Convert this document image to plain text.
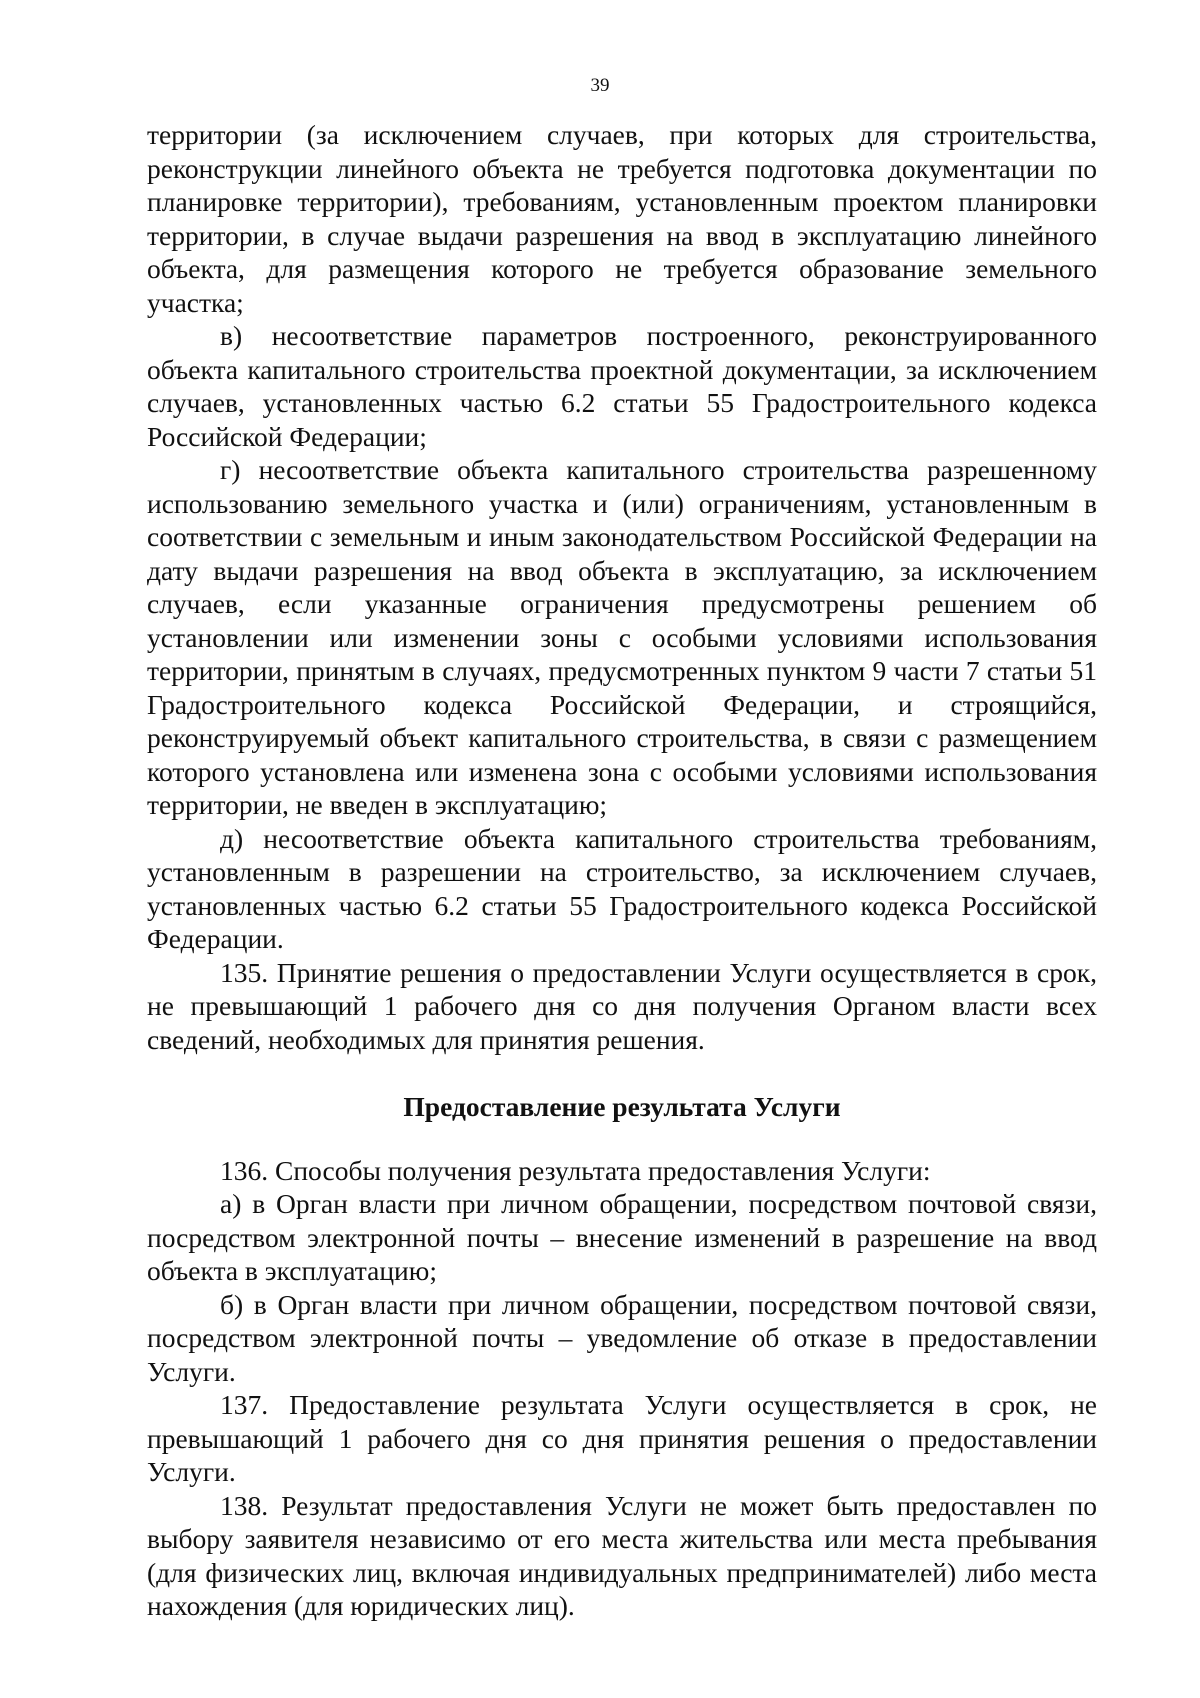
39

территории (за исключением случаев, при которых для строительства, реконструкции линейного объекта не требуется подготовка документации по планировке территории), требованиям, установленным проектом планировки территории, в случае выдачи разрешения на ввод в эксплуатацию линейного объекта, для размещения которого не требуется образование земельного участка;

в) несоответствие параметров построенного, реконструированного объекта капитального строительства проектной документации, за исключением случаев, установленных частью 6.2 статьи 55 Градостроительного кодекса Российской Федерации;

г) несоответствие объекта капитального строительства разрешенному использованию земельного участка и (или) ограничениям, установленным в соответствии с земельным и иным законодательством Российской Федерации на дату выдачи разрешения на ввод объекта в эксплуатацию, за исключением случаев, если указанные ограничения предусмотрены решением об установлении или изменении зоны с особыми условиями использования территории, принятым в случаях, предусмотренных пунктом 9 части 7 статьи 51 Градостроительного кодекса Российской Федерации, и строящийся, реконструируемый объект капитального строительства, в связи с размещением которого установлена или изменена зона с особыми условиями использования территории, не введен в эксплуатацию;

д) несоответствие объекта капитального строительства требованиям, установленным в разрешении на строительство, за исключением случаев, установленных частью 6.2 статьи 55 Градостроительного кодекса Российской Федерации.

135. Принятие решения о предоставлении Услуги осуществляется в срок, не превышающий 1 рабочего дня со дня получения Органом власти всех сведений, необходимых для принятия решения.

Предоставление результата Услуги

136. Способы получения результата предоставления Услуги:

а) в Орган власти при личном обращении, посредством почтовой связи, посредством электронной почты – внесение изменений в разрешение на ввод объекта в эксплуатацию;

б) в Орган власти при личном обращении, посредством почтовой связи, посредством электронной почты – уведомление об отказе в предоставлении Услуги.

137. Предоставление результата Услуги осуществляется в срок, не превышающий 1 рабочего дня со дня принятия решения о предоставлении Услуги.

138. Результат предоставления Услуги не может быть предоставлен по выбору заявителя независимо от его места жительства или места пребывания (для физических лиц, включая индивидуальных предпринимателей) либо места нахождения (для юридических лиц).
